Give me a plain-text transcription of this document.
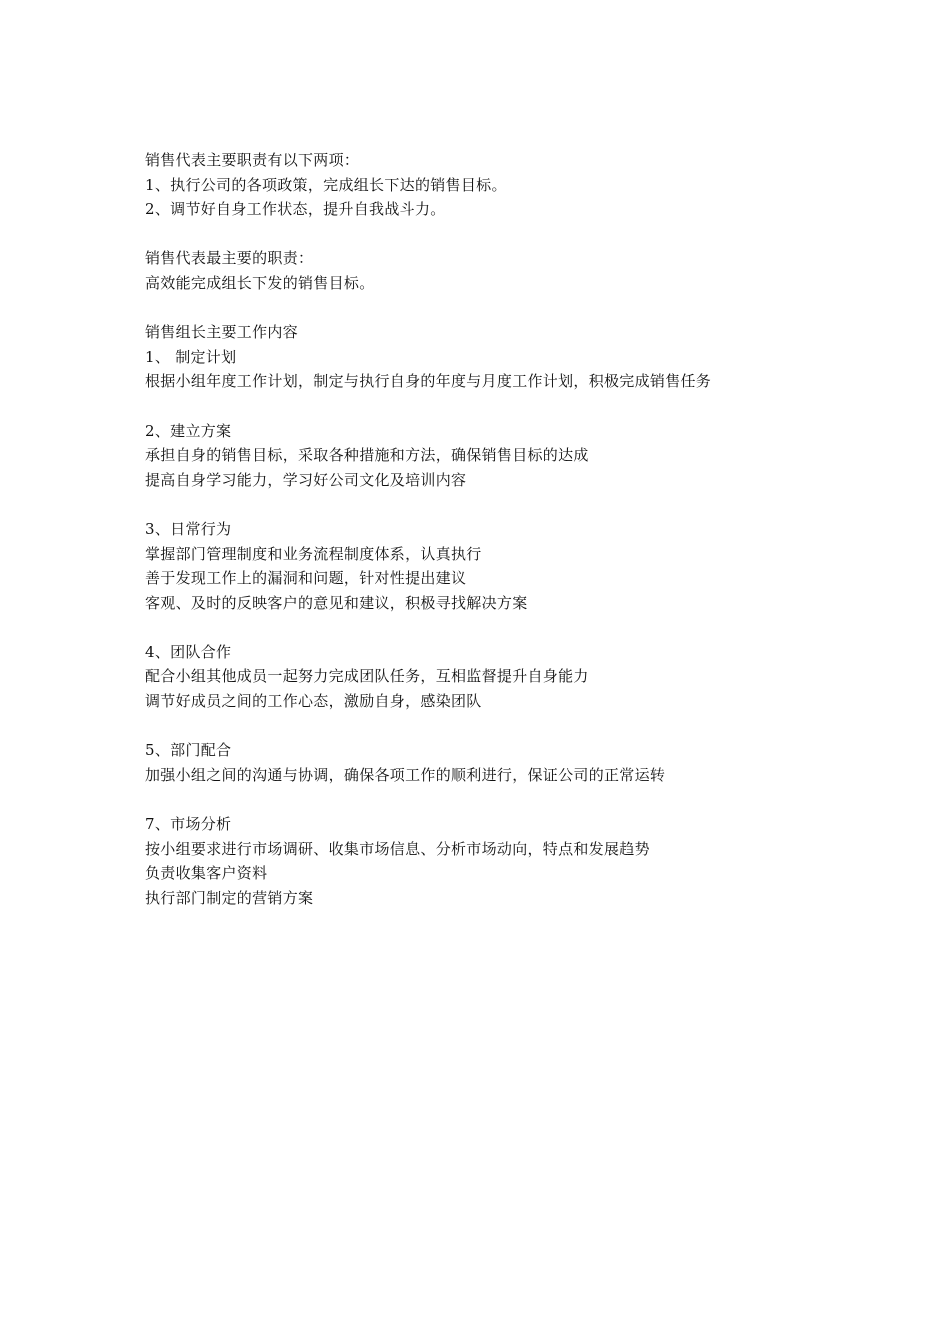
销售代表主要职责有以下两项：
1、执行公司的各项政策，完成组长下达的销售目标。
2、调节好自身工作状态，提升自我战斗力。
销售代表最主要的职责：
高效能完成组长下发的销售目标。
销售组长主要工作内容
1、 制定计划
根据小组年度工作计划，制定与执行自身的年度与月度工作计划，积极完成销售任务
2、建立方案
承担自身的销售目标，采取各种措施和方法，确保销售目标的达成
提高自身学习能力，学习好公司文化及培训内容
3、日常行为
掌握部门管理制度和业务流程制度体系，认真执行
善于发现工作上的漏洞和问题，针对性提出建议
客观、及时的反映客户的意见和建议，积极寻找解决方案
4、团队合作
配合小组其他成员一起努力完成团队任务，互相监督提升自身能力
调节好成员之间的工作心态，激励自身，感染团队
5、部门配合
加强小组之间的沟通与协调，确保各项工作的顺利进行，保证公司的正常运转
7、市场分析
按小组要求进行市场调研、收集市场信息、分析市场动向，特点和发展趋势
负责收集客户资料
执行部门制定的营销方案
